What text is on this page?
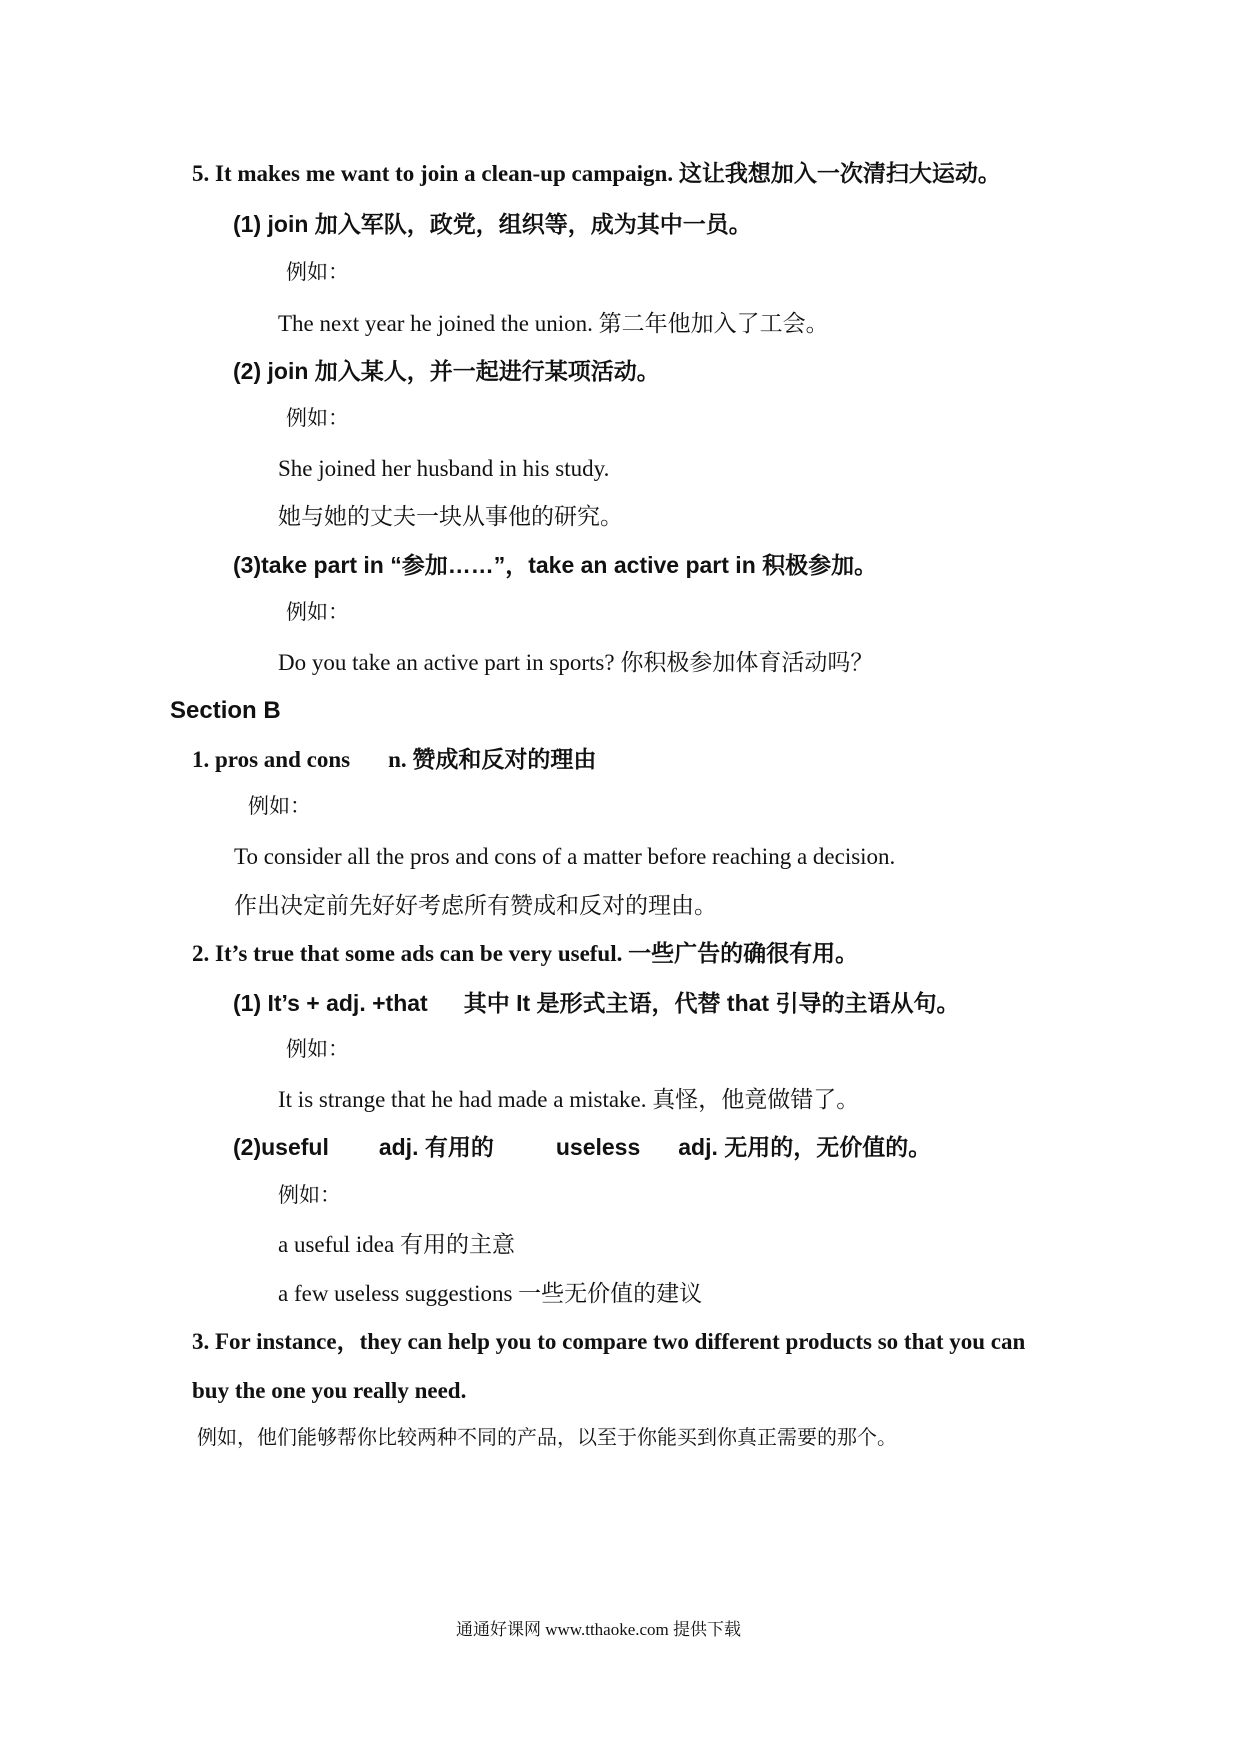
5. It makes me want to join a clean-up campaign. 这让我想加入一次清扫大运动。
(1) join 加入军队，政党，组织等，成为其中一员。
例如：
The next year he joined the union. 第二年他加入了工会。
(2) join 加入某人，并一起进行某项活动。
例如：
She joined her husband in his study.
她与她的丈夫一块从事他的研究。
(3)take part in “参加……”，take an active part in 积极参加。
例如：
Do you take an active part in sports? 你积极参加体育活动吗？
Section B
1. pros and cons n. 赞成和反对的理由
例如：
To consider all the pros and cons of a matter before reaching a decision.
作出决定前先好好考虑所有赞成和反对的理由。
2. It’s true that some ads can be very useful. 一些广告的确很有用。
(1) It’s + adj. +that 其中 It 是形式主语，代替 that 引导的主语从句。
例如：
It is strange that he had made a mistake. 真怪，他竟做错了。
(2)useful adj. 有用的	useless adj. 无用的，无价值的。
例如：
a useful idea 有用的主意
a few useless suggestions 一些无价值的建议
3. For instance，they can help you to compare two different products so that you can
buy the one you really need.
例如，他们能够帮你比较两种不同的产品，以至于你能买到你真正需要的那个。
通通好课网 www.tthaoke.com 提供下载
